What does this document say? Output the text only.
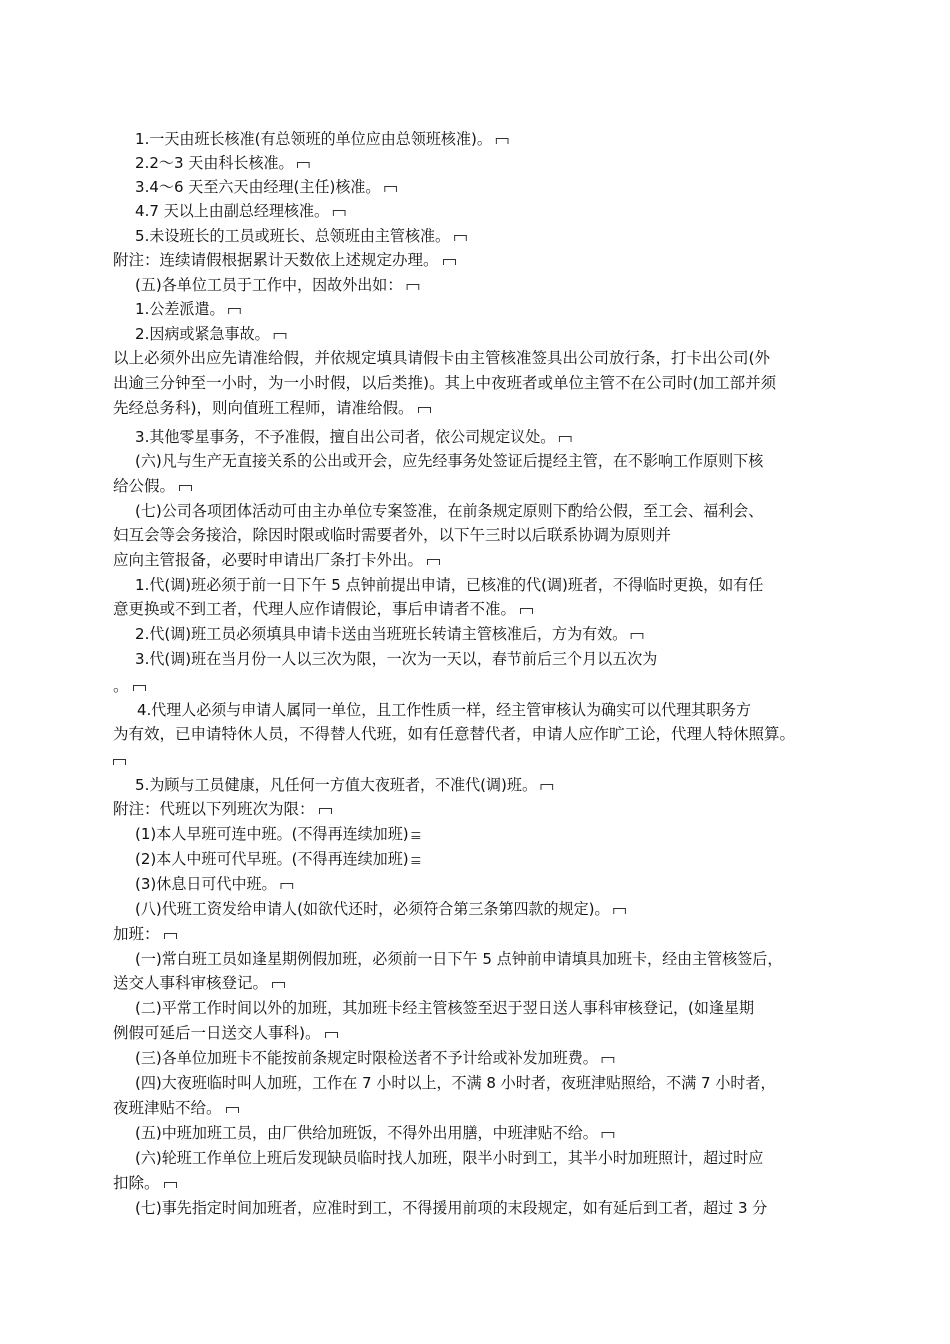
1.一天由班长核准(有总领班的单位应由总领班核准)。
2.2～3 天由科长核准。
3.4～6 天至六天由经理(主任)核准。
4.7 天以上由副总经理核准。
5.未设班长的工员或班长、总领班由主管核准。
附注：连续请假根据累计天数依上述规定办理。
(五)各单位工员于工作中，因故外出如：
1.公差派遣。
2.因病或紧急事故。
以上必须外出应先请准给假，并依规定填具请假卡由主管核准签具出公司放行条，打卡出公司(外
出逾三分钟至一小时，为一小时假，以后类推)。其上中夜班者或单位主管不在公司时(加工部并须
先经总务科)，则向值班工程师，请准给假。
3.其他零星事务，不予准假，擅自出公司者，依公司规定议处。
(六)凡与生产无直接关系的公出或开会，应先经事务处签证后提经主管，在不影响工作原则下核
给公假。
(七)公司各项团体活动可由主办单位专案签准，在前条规定原则下酌给公假，至工会、福利会、
妇互会等会务接洽，除因时限或临时需要者外，以下午三时以后联系协调为原则并
应向主管报备，必要时申请出厂条打卡外出。
1.代(调)班必须于前一日下午 5 点钟前提出申请，已核准的代(调)班者，不得临时更换，如有任
意更换或不到工者，代理人应作请假论，事后申请者不准。
2.代(调)班工员必须填具申请卡送由当班班长转请主管核准后，方为有效。
3.代(调)班在当月份一人以三次为限，一次为一天以，春节前后三个月以五次为
。
4.代理人必须与申请人属同一单位，且工作性质一样，经主管审核认为确实可以代理其职务方
为有效，已申请特休人员，不得替人代班，如有任意替代者，申请人应作旷工论，代理人特休照算。
5.为顾与工员健康，凡任何一方值大夜班者，不准代(调)班。
附注：代班以下列班次为限：
(1)本人早班可连中班。(不得再连续加班)
(2)本人中班可代早班。(不得再连续加班)
(3)休息日可代中班。
(八)代班工资发给申请人(如欲代还时，必须符合第三条第四款的规定)。
加班：
(一)常白班工员如逢星期例假加班，必须前一日下午 5 点钟前申请填具加班卡，经由主管核签后，
送交人事科审核登记。
(二)平常工作时间以外的加班，其加班卡经主管核签至迟于翌日送人事科审核登记，(如逢星期
例假可延后一日送交人事科)。
(三)各单位加班卡不能按前条规定时限检送者不予计给或补发加班费。
(四)大夜班临时叫人加班，工作在 7 小时以上，不满 8 小时者，夜班津贴照给，不满 7 小时者，
夜班津贴不给。
(五)中班加班工员，由厂供给加班饭，不得外出用膳，中班津贴不给。
(六)轮班工作单位上班后发现缺员临时找人加班，限半小时到工，其半小时加班照计，超过时应
扣除。
(七)事先指定时间加班者，应准时到工，不得援用前项的末段规定，如有延后到工者，超过 3 分
